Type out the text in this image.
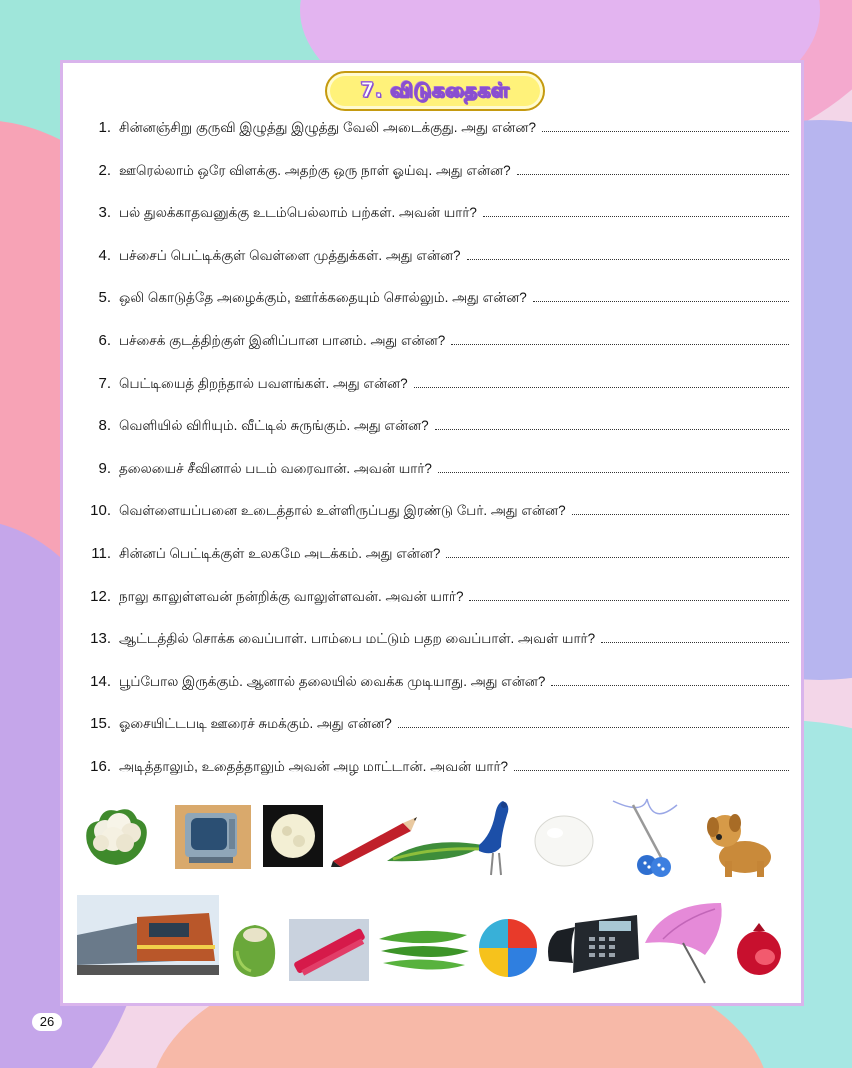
7. விடுகதைகள்
1. சின்னஞ்சிறு குருவி இழுத்து இழுத்து வேலி அடைக்குது. அது என்ன?
2. ஊரெல்லாம் ஒரே விளக்கு. அதற்கு ஒரு நாள் ஓய்வு. அது என்ன?
3. பல் துலக்காதவனுக்கு உடம்பெல்லாம் பற்கள். அவன் யார்?
4. பச்சைப் பெட்டிக்குள் வெள்ளை முத்துக்கள். அது என்ன?
5. ஒலி கொடுத்தே அழைக்கும், ஊர்க்கதையும் சொல்லும். அது என்ன?
6. பச்சைக் குடத்திற்குள் இனிப்பான பானம். அது என்ன?
7. பெட்டியைத் திறந்தால் பவளங்கள். அது என்ன?
8. வெளியில் விரியும். வீட்டில் சுருங்கும். அது என்ன?
9. தலையைச் சீவினால் படம் வரைவான். அவன் யார்?
10. வெள்ளையப்பனை உடைத்தால் உள்ளிருப்பது இரண்டு பேர். அது என்ன?
11. சின்னப் பெட்டிக்குள் உலகமே அடக்கம். அது என்ன?
12. நாலு காலுள்ளவன் நன்றிக்கு வாலுள்ளவன். அவன் யார்?
13. ஆட்டத்தில் சொக்க வைப்பாள். பாம்பை மட்டும் பதற வைப்பாள். அவள் யார்?
14. பூப்போல இருக்கும். ஆனால் தலையில் வைக்க முடியாது. அது என்ன?
15. ஓசையிட்டபடி ஊரைச் சுமக்கும். அது என்ன?
16. அடித்தாலும், உதைத்தாலும் அவன் அழ மாட்டான். அவன் யார்?
26
